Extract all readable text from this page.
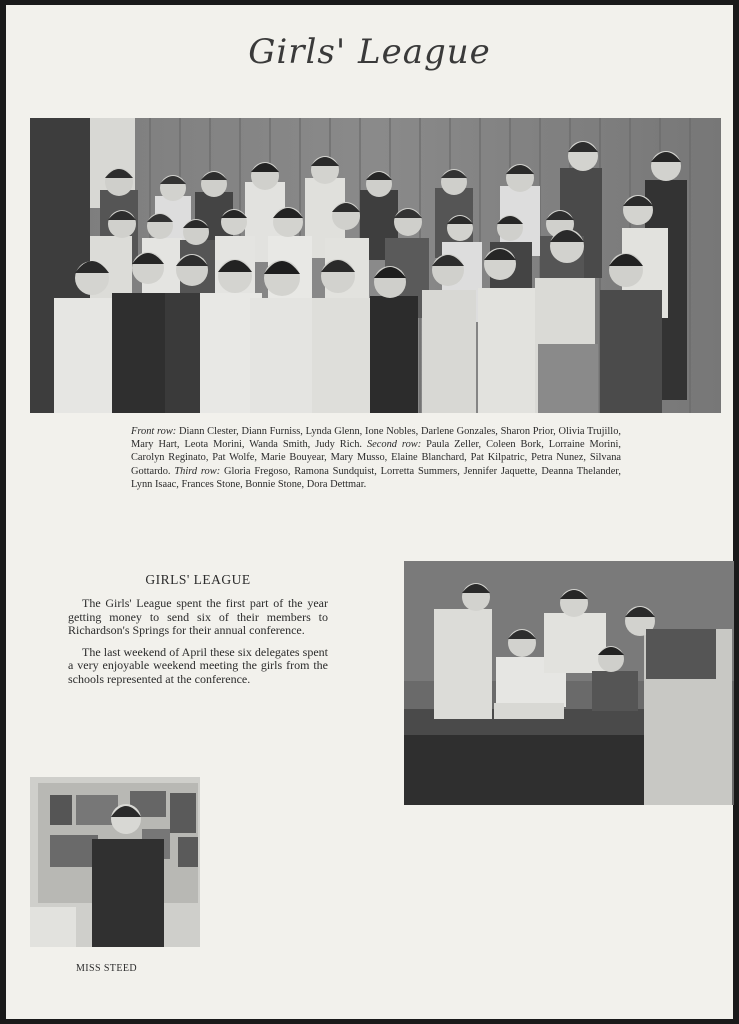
Girls' League
Front row: Diann Clester, Diann Furniss, Lynda Glenn, Ione Nobles, Darlene Gonzales, Sharon Prior, Olivia Trujillo, Mary Hart, Leota Morini, Wanda Smith, Judy Rich. Second row: Paula Zeller, Coleen Bork, Lorraine Morini, Carolyn Reginato, Pat Wolfe, Marie Bouyear, Mary Musso, Elaine Blanchard, Pat Kilpatric, Petra Nunez, Silvana Gottardo. Third row: Gloria Fregoso, Ramona Sundquist, Lorretta Summers, Jennifer Jaquette, Deanna Thelander, Lynn Isaac, Frances Stone, Bonnie Stone, Dora Dettmar.
GIRLS' LEAGUE

The Girls' League spent the first part of the year getting money to send six of their members to Richardson's Springs for their annual conference.

The last weekend of April these six delegates spent a very enjoyable weekend meeting the girls from the schools represented at the conference.

MISS STEED
